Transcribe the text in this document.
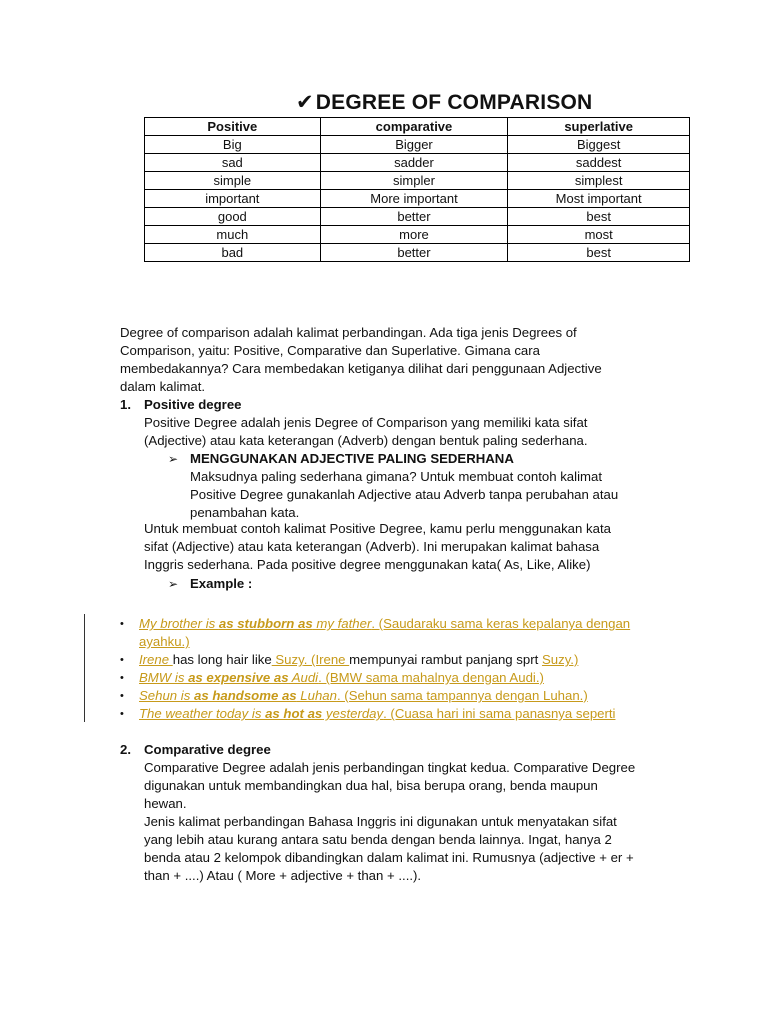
✔DEGREE OF COMPARISON
Positive	comparative	superlative
Big	Bigger	Biggest
sad	sadder	saddest
simple	simpler	simplest
important	More important	Most important
good	better	best
much	more	most
bad	better	best
Degree of comparison adalah kalimat perbandingan. Ada tiga jenis Degrees of
Comparison, yaitu: Positive, Comparative dan Superlative. Gimana cara
membedakannya? Cara membedakan ketiganya dilihat dari penggunaan Adjective
dalam kalimat.
1. Positive degree
Positive Degree adalah jenis Degree of Comparison yang memiliki kata sifat
(Adjective) atau kata keterangan (Adverb) dengan bentuk paling sederhana.
➢ MENGGUNAKAN ADJECTIVE PALING SEDERHANA
Maksudnya paling sederhana gimana? Untuk membuat contoh kalimat
Positive Degree gunakanlah Adjective atau Adverb tanpa perubahan atau
penambahan kata.
Untuk membuat contoh kalimat Positive Degree, kamu perlu menggunakan kata
sifat (Adjective) atau kata keterangan (Adverb). Ini merupakan kalimat bahasa
Inggris sederhana. Pada positive degree menggunakan kata( As, Like, Alike)
➢ Example :
• My brother is as stubborn as my father. (Saudaraku sama keras kepalanya dengan
ayahku.)
• Irene has long hair like Suzy. (Irene mempunyai rambut panjang sprt Suzy.)
• BMW is as expensive as Audi. (BMW sama mahalnya dengan Audi.)
• Sehun is as handsome as Luhan. (Sehun sama tampannya dengan Luhan.)
• The weather today is as hot as yesterday. (Cuasa hari ini sama panasnya seperti
2. Comparative degree
Comparative Degree adalah jenis perbandingan tingkat kedua. Comparative Degree
digunakan untuk membandingkan dua hal, bisa berupa orang, benda maupun
hewan.
Jenis kalimat perbandingan Bahasa Inggris ini digunakan untuk menyatakan sifat
yang lebih atau kurang antara satu benda dengan benda lainnya. Ingat, hanya 2
benda atau 2 kelompok dibandingkan dalam kalimat ini. Rumusnya (adjective + er +
than + ....) Atau ( More + adjective + than + ....).
